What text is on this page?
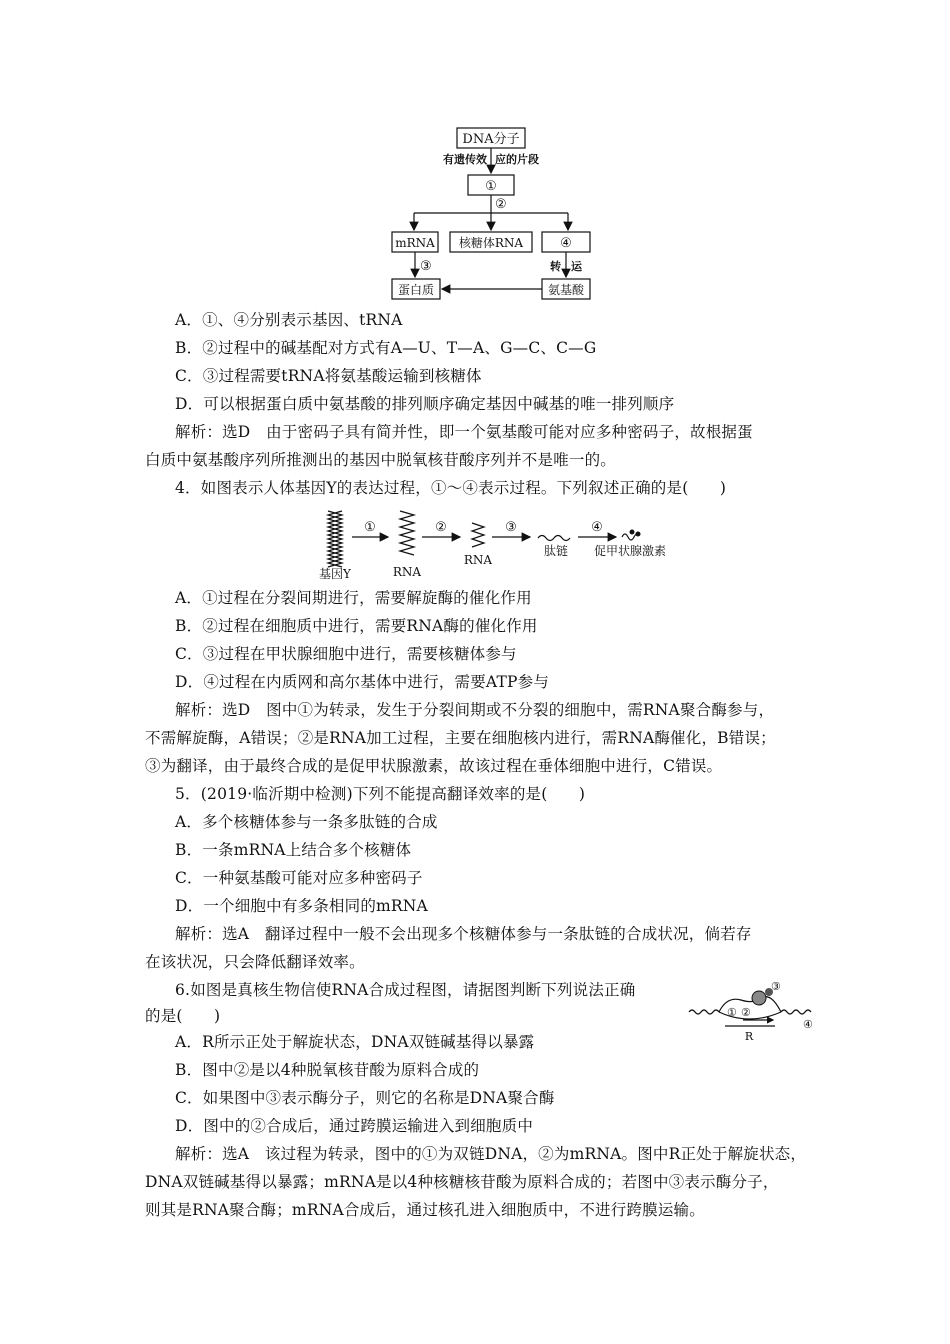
DNA分子
有遗传效 应的片段
①
②
mRNA 核糖体RNA	④
③	转 运
蛋白质	氨基酸
A．①、④分别表示基因、tRNA
B．②过程中的碱基配对方式有A—U、T—A、G—C、C—G
C．③过程需要tRNA将氨基酸运输到核糖体
D．可以根据蛋白质中氨基酸的排列顺序确定基因中碱基的唯一排列顺序
解析：选D　由于密码子具有简并性，即一个氨基酸可能对应多种密码子，故根据蛋
白质中氨基酸序列所推测出的基因中脱氧核苷酸序列并不是唯一的。
4．如图表示人体基因Y的表达过程，①～④表示过程。下列叙述正确的是(　　)
基因Y
①
RNA
②
RNA
③
肽链
④
促甲状腺激素
A．①过程在分裂间期进行，需要解旋酶的催化作用
B．②过程在细胞质中进行，需要RNA酶的催化作用
C．③过程在甲状腺细胞中进行，需要核糖体参与
D．④过程在内质网和高尔基体中进行，需要ATP参与
解析：选D　图中①为转录，发生于分裂间期或不分裂的细胞中，需RNA聚合酶参与，
不需解旋酶，A错误；②是RNA加工过程，主要在细胞核内进行，需RNA酶催化，B错误；
③为翻译，由于最终合成的是促甲状腺激素，故该过程在垂体细胞中进行，C错误。
5．(2019·临沂期中检测)下列不能提高翻译效率的是(　　)
A．多个核糖体参与一条多肽链的合成
B．一条mRNA上结合多个核糖体
C．一种氨基酸可能对应多种密码子
D．一个细胞中有多条相同的mRNA
解析：选A　翻译过程中一般不会出现多个核糖体参与一条肽链的合成状况，倘若存
在该状况，只会降低翻译效率。
6.如图是真核生物信使RNA合成过程图，请据图判断下列说法正确
的是(　　)	① ②
③
④
R
A．R所示正处于解旋状态，DNA双链碱基得以暴露
B．图中②是以4种脱氧核苷酸为原料合成的
C．如果图中③表示酶分子，则它的名称是DNA聚合酶
D．图中的②合成后，通过跨膜运输进入到细胞质中
解析：选A　该过程为转录，图中的①为双链DNA，②为mRNA。图中R正处于解旋状态，
DNA双链碱基得以暴露；mRNA是以4种核糖核苷酸为原料合成的；若图中③表示酶分子，
则其是RNA聚合酶；mRNA合成后，通过核孔进入细胞质中，不进行跨膜运输。
